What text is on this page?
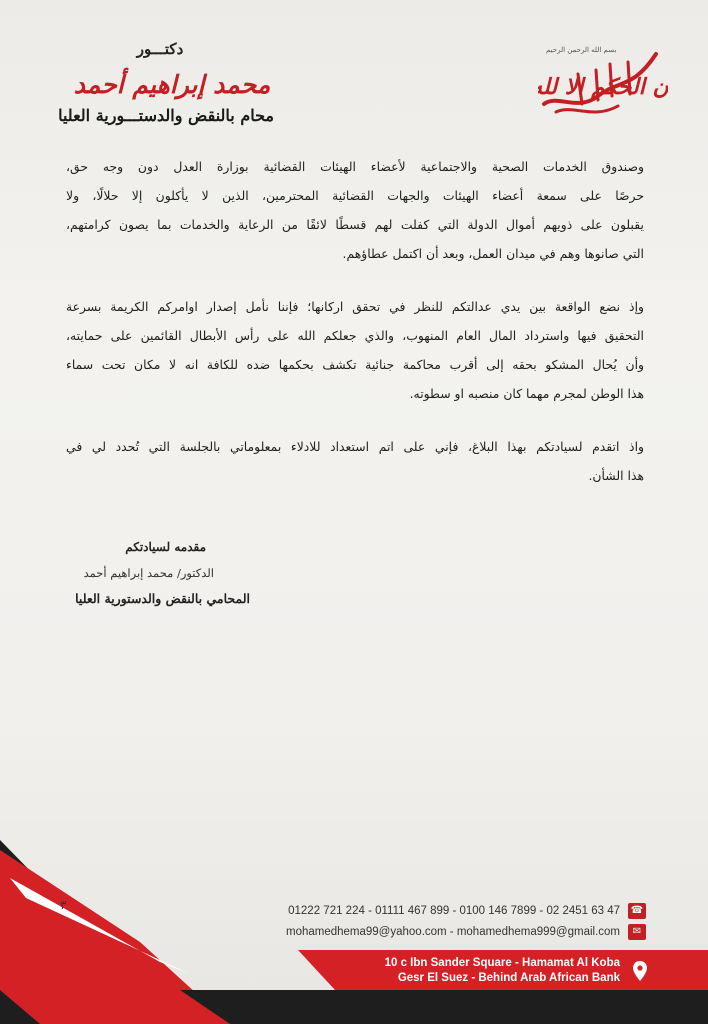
بسم الله الرحمن الرحيم
ان الحكم الا لله
دكتـــور
محمد إبراهيم أحمد
محام بالنقض والدستـــورية العليا
وصندوق الخدمات الصحية والاجتماعية لأعضاء الهيئات القضائية بوزارة العدل دون وجه حق،
حرصًا على سمعة أعضاء الهيئات والجهات القضائية المحترمين، الذين لا يأكلون إلا حلالًا، ولا
يقبلون على ذويهم أموال الدولة التي كفلت لهم قسطًا لائقًا من الرعاية والخدمات بما يصون كرامتهم،
التي صانوها وهم في ميدان العمل، وبعد أن اكتمل عطاؤهم.
وإذ نضع الواقعة بين يدي عدالتكم للنظر في تحقق اركانها؛ فإننا نأمل إصدار اوامركم الكريمة بسرعة
التحقيق فيها واسترداد المال العام المنهوب، والذي جعلكم الله على رأس الأبطال القائمين على حمايته،
وأن يُحال المشكو بحقه إلى أقرب محاكمة جنائية تكشف بحكمها ضده للكافة انه لا مكان تحت سماء
هذا الوطن لمجرم مهما كان منصبه او سطوته.
واذ اتقدم لسيادتكم بهذا البلاغ، فإني على اتم استعداد للادلاء بمعلوماتي بالجلسة التي تُحدد لي في
هذا الشأن.
مقدمه لسيادتكم
الدكتور/ محمد إبراهيم أحمد
المحامي بالنقض والدستورية العليا
٣	01222 721 224 - 01111 467 899 - 0100 146 7899 - 02 2451 63 47 ☎
mohamedhema99@yahoo.com - mohamedhema999@gmail.com	✉
10 c Ibn Sander Square - Hamamat Al Koba
Gesr El Suez - Behind Arab African Bank
